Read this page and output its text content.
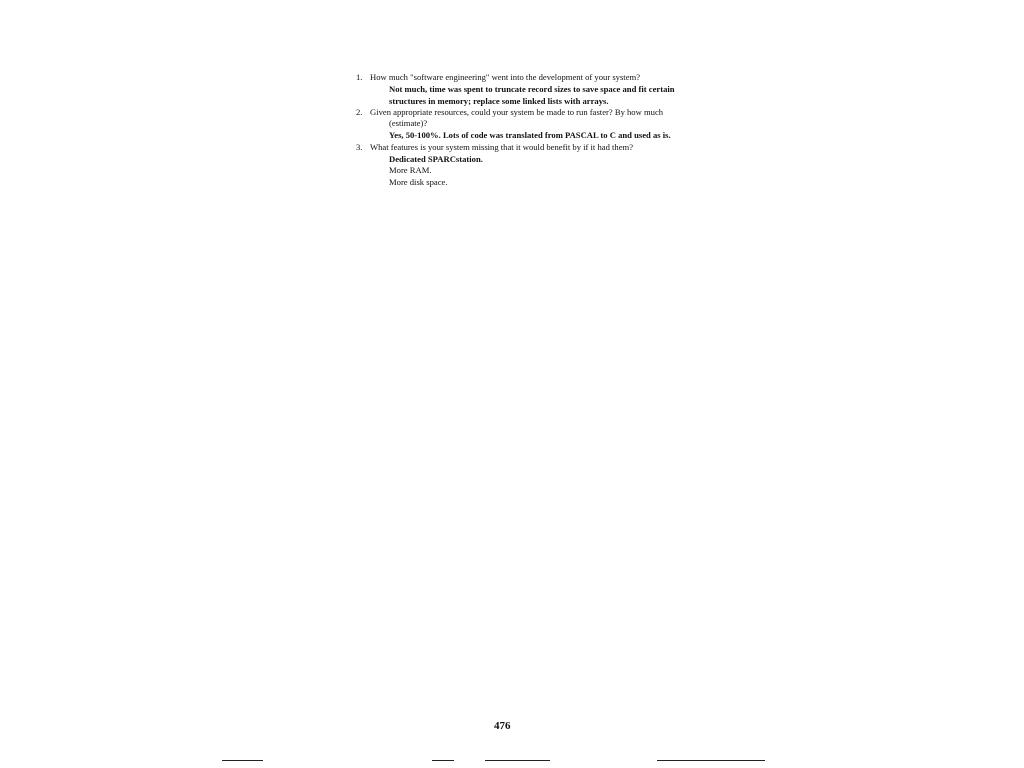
1. How much "software engineering" went into the development of your system?
Not much, time was spent to truncate record sizes to save space and fit certain
structures in memory; replace some linked lists with arrays.
2. Given appropriate resources, could your system be made to run faster? By how much
(estimate)?
Yes, 50-100%. Lots of code was translated from PASCAL to C and used as is.
3. What features is your system missing that it would benefit by if it had them?
Dedicated SPARCstation.
More RAM.
More disk space.
476
